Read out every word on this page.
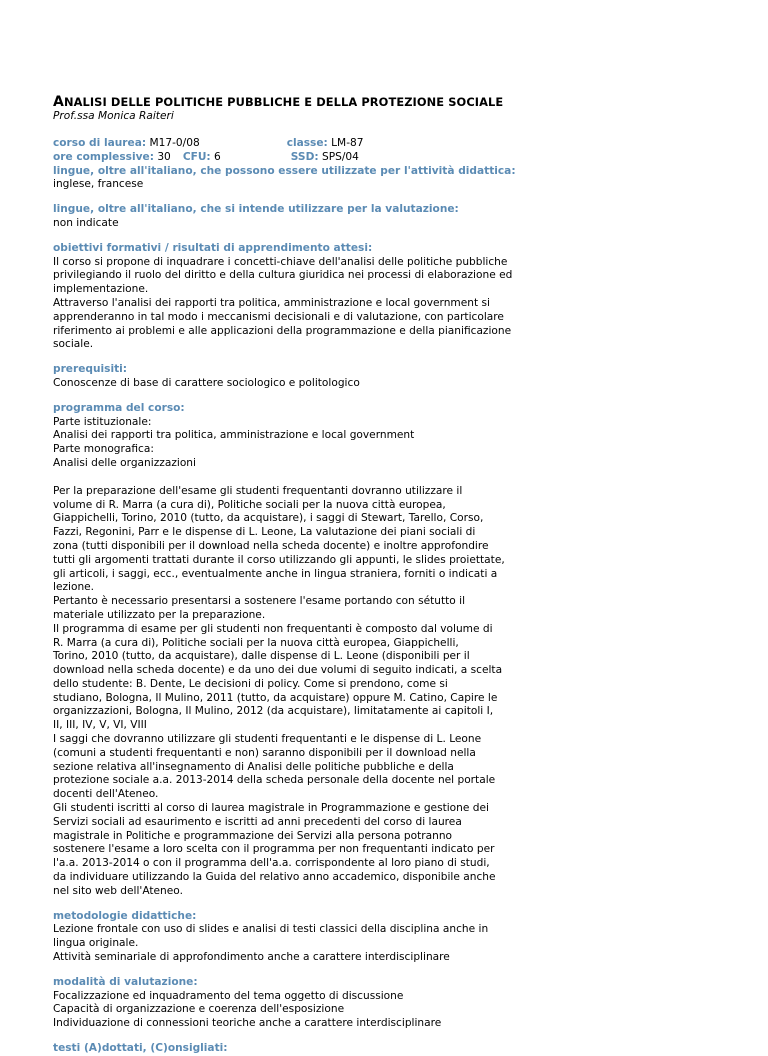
ANALISI DELLE POLITICHE PUBBLICHE E DELLA PROTEZIONE SOCIALE

Prof.ssa Monica Raiteri

corso di laurea: M17-0/08	classe: LM-87

ore complessive: 30 CFU: 6	SSD: SPS/04

lingue, oltre all'italiano, che possono essere utilizzate per l'attività didattica:

inglese, francese

lingue, oltre all'italiano, che si intende utilizzare per la valutazione:

non indicate

obiettivi formativi / risultati di apprendimento attesi:

Il corso si propone di inquadrare i concetti-chiave dell'analisi delle politiche pubbliche
privilegiando il ruolo del diritto e della cultura giuridica nei processi di elaborazione ed
implementazione.
Attraverso l'analisi dei rapporti tra politica, amministrazione e local government si
apprenderanno in tal modo i meccanismi decisionali e di valutazione, con particolare
riferimento ai problemi e alle applicazioni della programmazione e della pianificazione
sociale.

prerequisiti:

Conoscenze di base di carattere sociologico e politologico

programma del corso:

Parte istituzionale:
Analisi dei rapporti tra politica, amministrazione e local government
Parte monografica:
Analisi delle organizzazioni

Per la preparazione dell'esame gli studenti frequentanti dovranno utilizzare il
volume di R. Marra (a cura di), Politiche sociali per la nuova città europea,
Giappichelli, Torino, 2010 (tutto, da acquistare), i saggi di Stewart, Tarello, Corso,
Fazzi, Regonini, Parr e le dispense di L. Leone, La valutazione dei piani sociali di
zona (tutti disponibili per il download nella scheda docente) e inoltre approfondire
tutti gli argomenti trattati durante il corso utilizzando gli appunti, le slides proiettate,
gli articoli, i saggi, ecc., eventualmente anche in lingua straniera, forniti o indicati a
lezione.
Pertanto è necessario presentarsi a sostenere l'esame portando con sétutto il
materiale utilizzato per la preparazione.
Il programma di esame per gli studenti non frequentanti è composto dal volume di
R. Marra (a cura di), Politiche sociali per la nuova città europea, Giappichelli,
Torino, 2010 (tutto, da acquistare), dalle dispense di L. Leone (disponibili per il
download nella scheda docente) e da uno dei due volumi di seguito indicati, a scelta
dello studente: B. Dente, Le decisioni di policy. Come si prendono, come si
studiano, Bologna, Il Mulino, 2011 (tutto, da acquistare) oppure M. Catino, Capire le
organizzazioni, Bologna, Il Mulino, 2012 (da acquistare), limitatamente ai capitoli I,
II, III, IV, V, VI, VIII
I saggi che dovranno utilizzare gli studenti frequentanti e le dispense di L. Leone
(comuni a studenti frequentanti e non) saranno disponibili per il download nella
sezione relativa all'insegnamento di Analisi delle politiche pubbliche e della
protezione sociale a.a. 2013-2014 della scheda personale della docente nel portale
docenti dell'Ateneo.
Gli studenti iscritti al corso di laurea magistrale in Programmazione e gestione dei
Servizi sociali ad esaurimento e iscritti ad anni precedenti del corso di laurea
magistrale in Politiche e programmazione dei Servizi alla persona potranno
sostenere l'esame a loro scelta con il programma per non frequentanti indicato per
l'a.a. 2013-2014 o con il programma dell'a.a. corrispondente al loro piano di studi,
da individuare utilizzando la Guida del relativo anno accademico, disponibile anche
nel sito web dell'Ateneo.

metodologie didattiche:

Lezione frontale con uso di slides e analisi di testi classici della disciplina anche in
lingua originale.
Attività seminariale di approfondimento anche a carattere interdisciplinare

modalità di valutazione:

Focalizzazione ed inquadramento del tema oggetto di discussione
Capacità di organizzazione e coerenza dell'esposizione
Individuazione di connessioni teoriche anche a carattere interdisciplinare

testi (A)dottati, (C)onsigliati:
